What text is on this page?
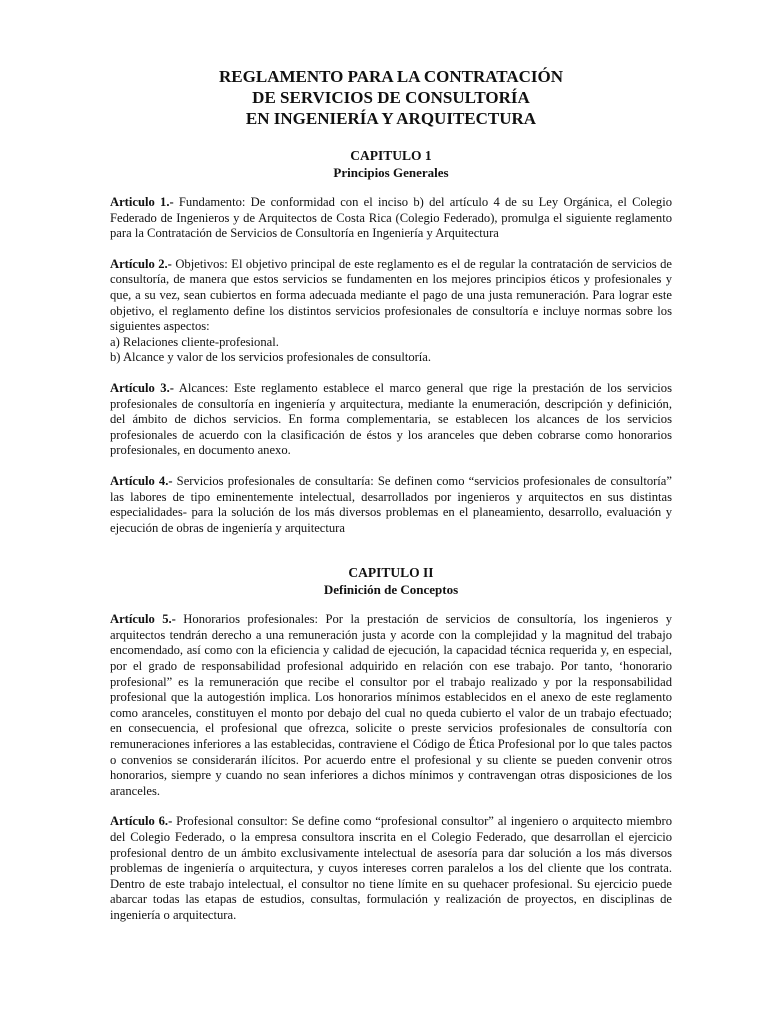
REGLAMENTO PARA LA CONTRATACIÓN
DE SERVICIOS DE CONSULTORÍA
EN INGENIERÍA Y ARQUITECTURA
CAPITULO 1
Principios Generales

Articulo 1.- Fundamento: De conformidad con el inciso b) del artículo 4 de su Ley Orgánica, el Colegio Federado de Ingenieros y de Arquitectos de Costa Rica (Colegio Federado), promulga el siguiente reglamento para la Contratación de Servicios de Consultoría en Ingeniería y Arquitectura

Artículo 2.- Objetivos: El objetivo principal de este reglamento es el de regular la contratación de servicios de consultoría, de manera que estos servicios se fundamenten en los mejores principios éticos y profesionales y que, a su vez, sean cubiertos en forma adecuada mediante el pago de una justa remuneración. Para lograr este objetivo, el reglamento define los distintos servicios profesionales de consultoría e incluye normas sobre los siguientes aspectos:
a) Relaciones cliente-profesional.
b) Alcance y valor de los servicios profesionales de consultoría.

Artículo 3.- Alcances: Este reglamento establece el marco general que rige la prestación de los servicios profesionales de consultoría en ingeniería y arquitectura, mediante la enumeración, descripción y definición, del ámbito de dichos servicios. En forma complementaria, se establecen los alcances de los servicios profesionales de acuerdo con la clasificación de éstos y los aranceles que deben cobrarse como honorarios profesionales, en documento anexo.

Artículo 4.- Servicios profesionales de consultaría: Se definen como “servicios profesionales de consultoría” las labores de tipo eminentemente intelectual, desarrollados por ingenieros y arquitectos en sus distintas especialidades- para la solución de los más diversos problemas en el planeamiento, desarrollo, evaluación y ejecución de obras de ingeniería y arquitectura

CAPITULO II
Definición de Conceptos

Artículo 5.- Honorarios profesionales: Por la prestación de servicios de consultoría, los ingenieros y arquitectos tendrán derecho a una remuneración justa y acorde con la complejidad y la magnitud del trabajo encomendado, así como con la eficiencia y calidad de ejecución, la capacidad técnica requerida y, en especial, por el grado de responsabilidad profesional adquirido en relación con ese trabajo. Por tanto, ‘honorario profesional” es la remuneración que recibe el consultor por el trabajo realizado y por la responsabilidad profesional que la autogestión implica. Los honorarios mínimos establecidos en el anexo de este reglamento como aranceles, constituyen el monto por debajo del cual no queda cubierto el valor de un trabajo efectuado; en consecuencia, el profesional que ofrezca, solicite o preste servicios profesionales de consultoría con remuneraciones inferiores a las establecidas, contraviene el Código de Ética Profesional por lo que tales pactos o convenios se considerarán ilícitos. Por acuerdo entre el profesional y su cliente se pueden convenir otros honorarios, siempre y cuando no sean inferiores a dichos mínimos y contravengan otras disposiciones de los aranceles.

Artículo 6.- Profesional consultor: Se define como “profesional consultor” al ingeniero o arquitecto miembro del Colegio Federado, o la empresa consultora inscrita en el Colegio Federado, que desarrollan el ejercicio profesional dentro de un ámbito exclusivamente intelectual de asesoría para dar solución a los más diversos problemas de ingeniería o arquitectura, y cuyos intereses corren paralelos a los del cliente que los contrata. Dentro de este trabajo intelectual, el consultor no tiene límite en su quehacer profesional. Su ejercicio puede abarcar todas las etapas de estudios, consultas, formulación y realización de proyectos, en disciplinas de ingeniería o arquitectura.
